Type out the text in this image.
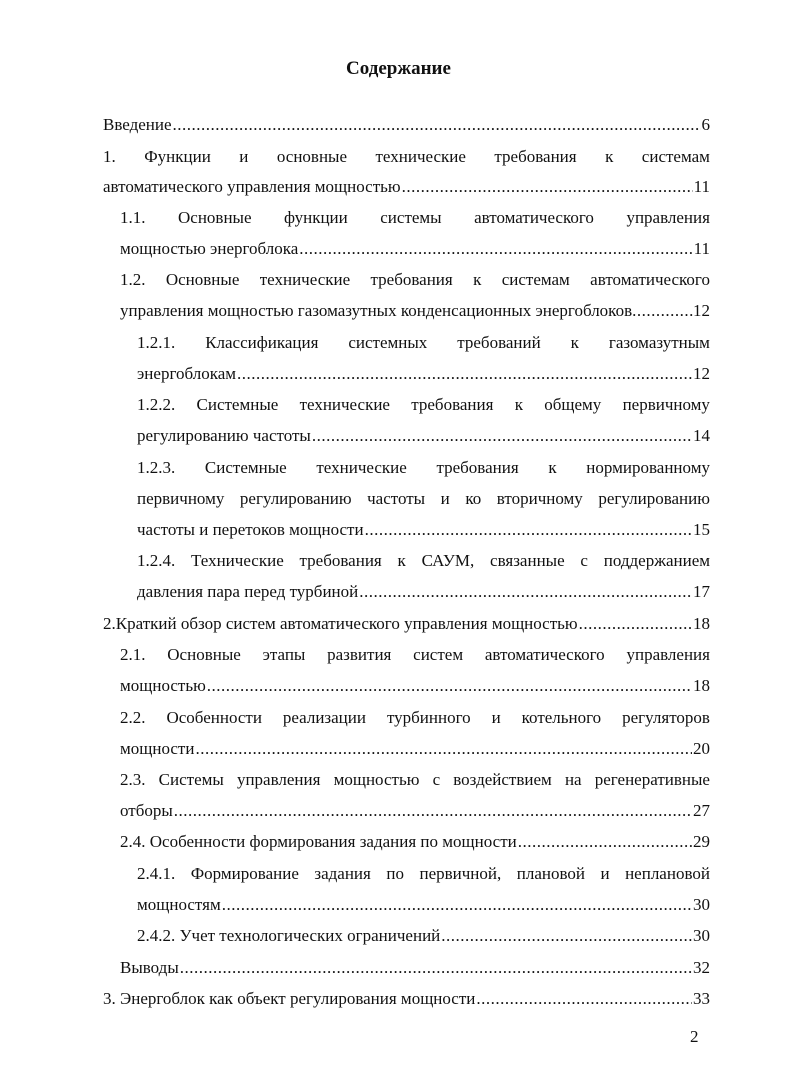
Содержание
Введение .....	6
1. Функции и основные технические требования к системам
автоматического управления мощностью .....	11
1.1. Основные функции системы автоматического управления
мощностью энергоблока .....	11
1.2. Основные технические требования к системам автоматического
управления мощностью газомазутных конденсационных энергоблоков .....	12
1.2.1. Классификация системных требований к газомазутным
энергоблокам .....	12
1.2.2. Системные технические требования к общему первичному
регулированию частоты .....	14
1.2.3. Системные технические требования к нормированному
первичному регулированию частоты и ко вторичному регулированию
частоты и перетоков мощности .....	15
1.2.4. Технические требования к САУМ, связанные с поддержанием
давления пара перед турбиной .....	17
2. Краткий обзор систем автоматического управления мощностью .....	18
2.1. Основные этапы развития систем автоматического управления
мощностью .....	18
2.2. Особенности реализации турбинного и котельного регуляторов
мощности .....	20
2.3. Системы управления мощностью с воздействием на регенеративные
отборы .....	27
2.4. Особенности формирования задания по мощности .....	29
2.4.1. Формирование задания по первичной, плановой и неплановой
мощностям .....	30
2.4.2. Учет технологических ограничений .....	30
Выводы .....	32
3. Энергоблок как объект регулирования мощности .....	33
2
